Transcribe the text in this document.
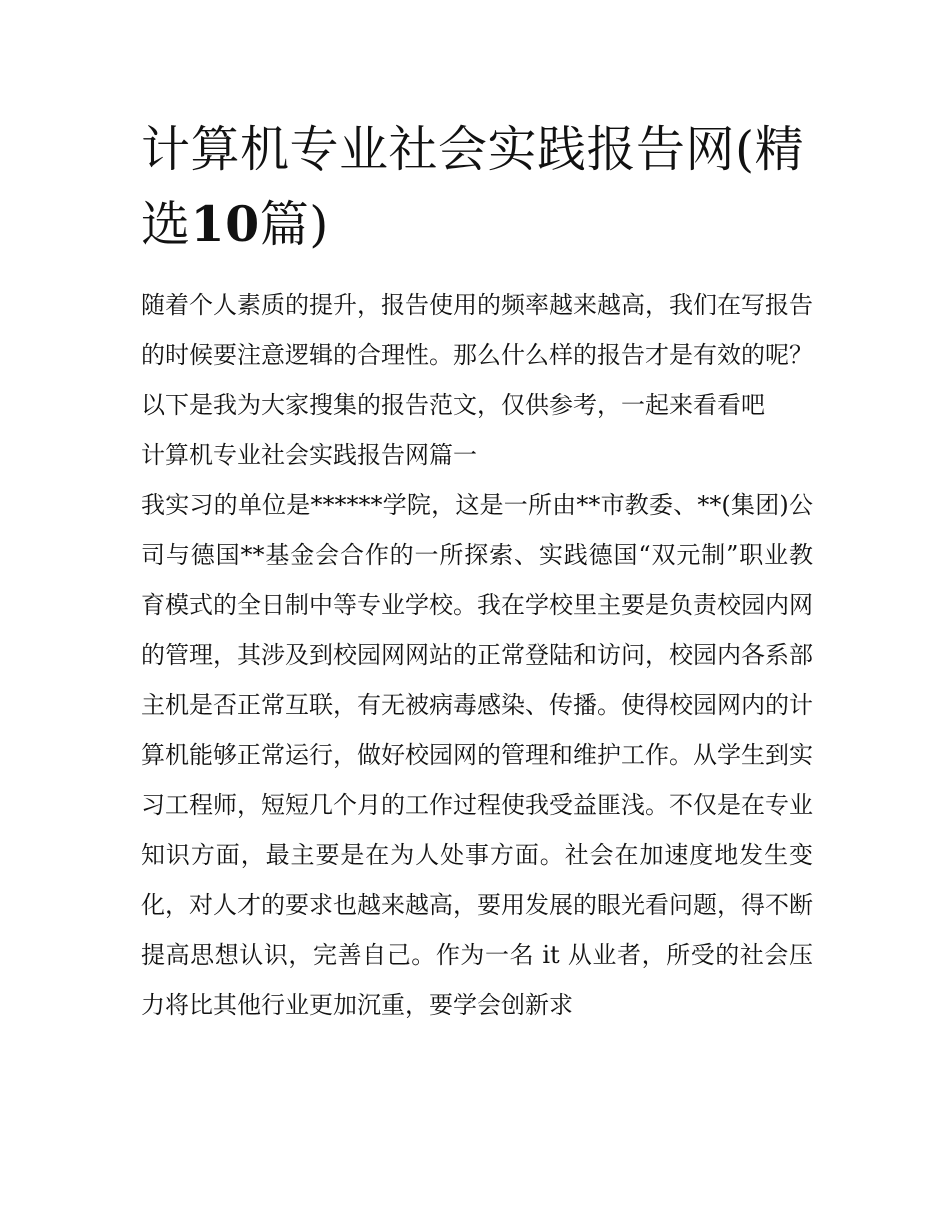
计算机专业社会实践报告网(精
选10篇)

随着个人素质的提升，报告使用的频率越来越高，我们在写报告的时候要注意逻辑的合理性。那么什么样的报告才是有效的呢？以下是我为大家搜集的报告范文，仅供参考，一起来看看吧

计算机专业社会实践报告网篇一

我实习的单位是******学院，这是一所由**市教委、**(集团)公司与德国**基金会合作的一所探索、实践德国“双元制”职业教育模式的全日制中等专业学校。我在学校里主要是负责校园内网的管理，其涉及到校园网网站的正常登陆和访问，校园内各系部主机是否正常互联，有无被病毒感染、传播。使得校园网内的计算机能够正常运行，做好校园网的管理和维护工作。从学生到实习工程师，短短几个月的工作过程使我受益匪浅。不仅是在专业知识方面，最主要是在为人处事方面。社会在加速度地发生变化，对人才的要求也越来越高，要用发展的眼光看问题，得不断提高思想认识，完善自己。作为一名 it 从业者，所受的社会压力将比其他行业更加沉重，要学会创新求
